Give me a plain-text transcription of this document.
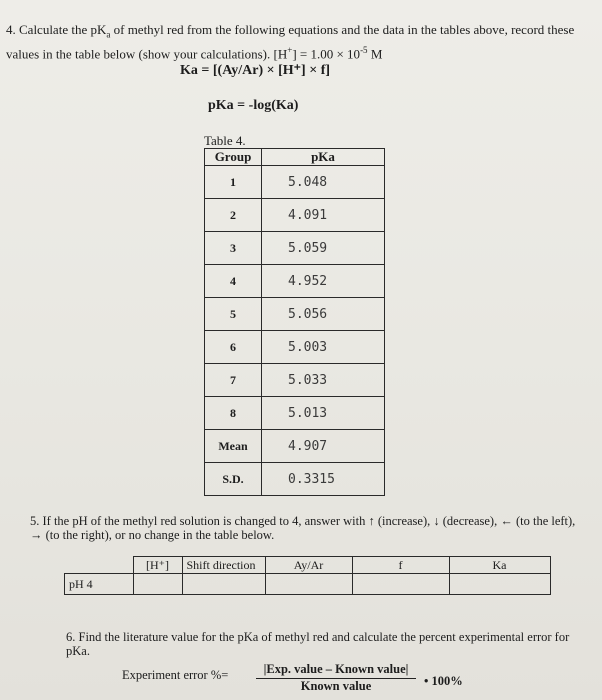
4. Calculate the $pK_a$ of methyl red from the following equations and the data in the tables above, record these values in the table below (show your calculations). $[H^+] = 1.00 \times 10^{-5}$ M
Ka = [(Ay/Ar) × [H⁺] × f]
pKa = -log(Ka)
Table 4.
Group	pKa
1	5.048
2	4.091
3	5.059
4	4.952
5	5.056
6	5.003
7	5.033
8	5.013
Mean	4.907
S.D.	0.3315
5. If the pH of the methyl red solution is changed to 4, answer with ↑ (increase), ↓ (decrease), ← (to the left), → (to the right), or no change in the table below.
	[H⁺]	Shift direction	Ay/Ar	f	Ka
pH 4					
6. Find the literature value for the pKa of methyl red and calculate the percent experimental error for pKa.
Experiment error %=	|Exp. value – Known value|
Known value	• 100%
